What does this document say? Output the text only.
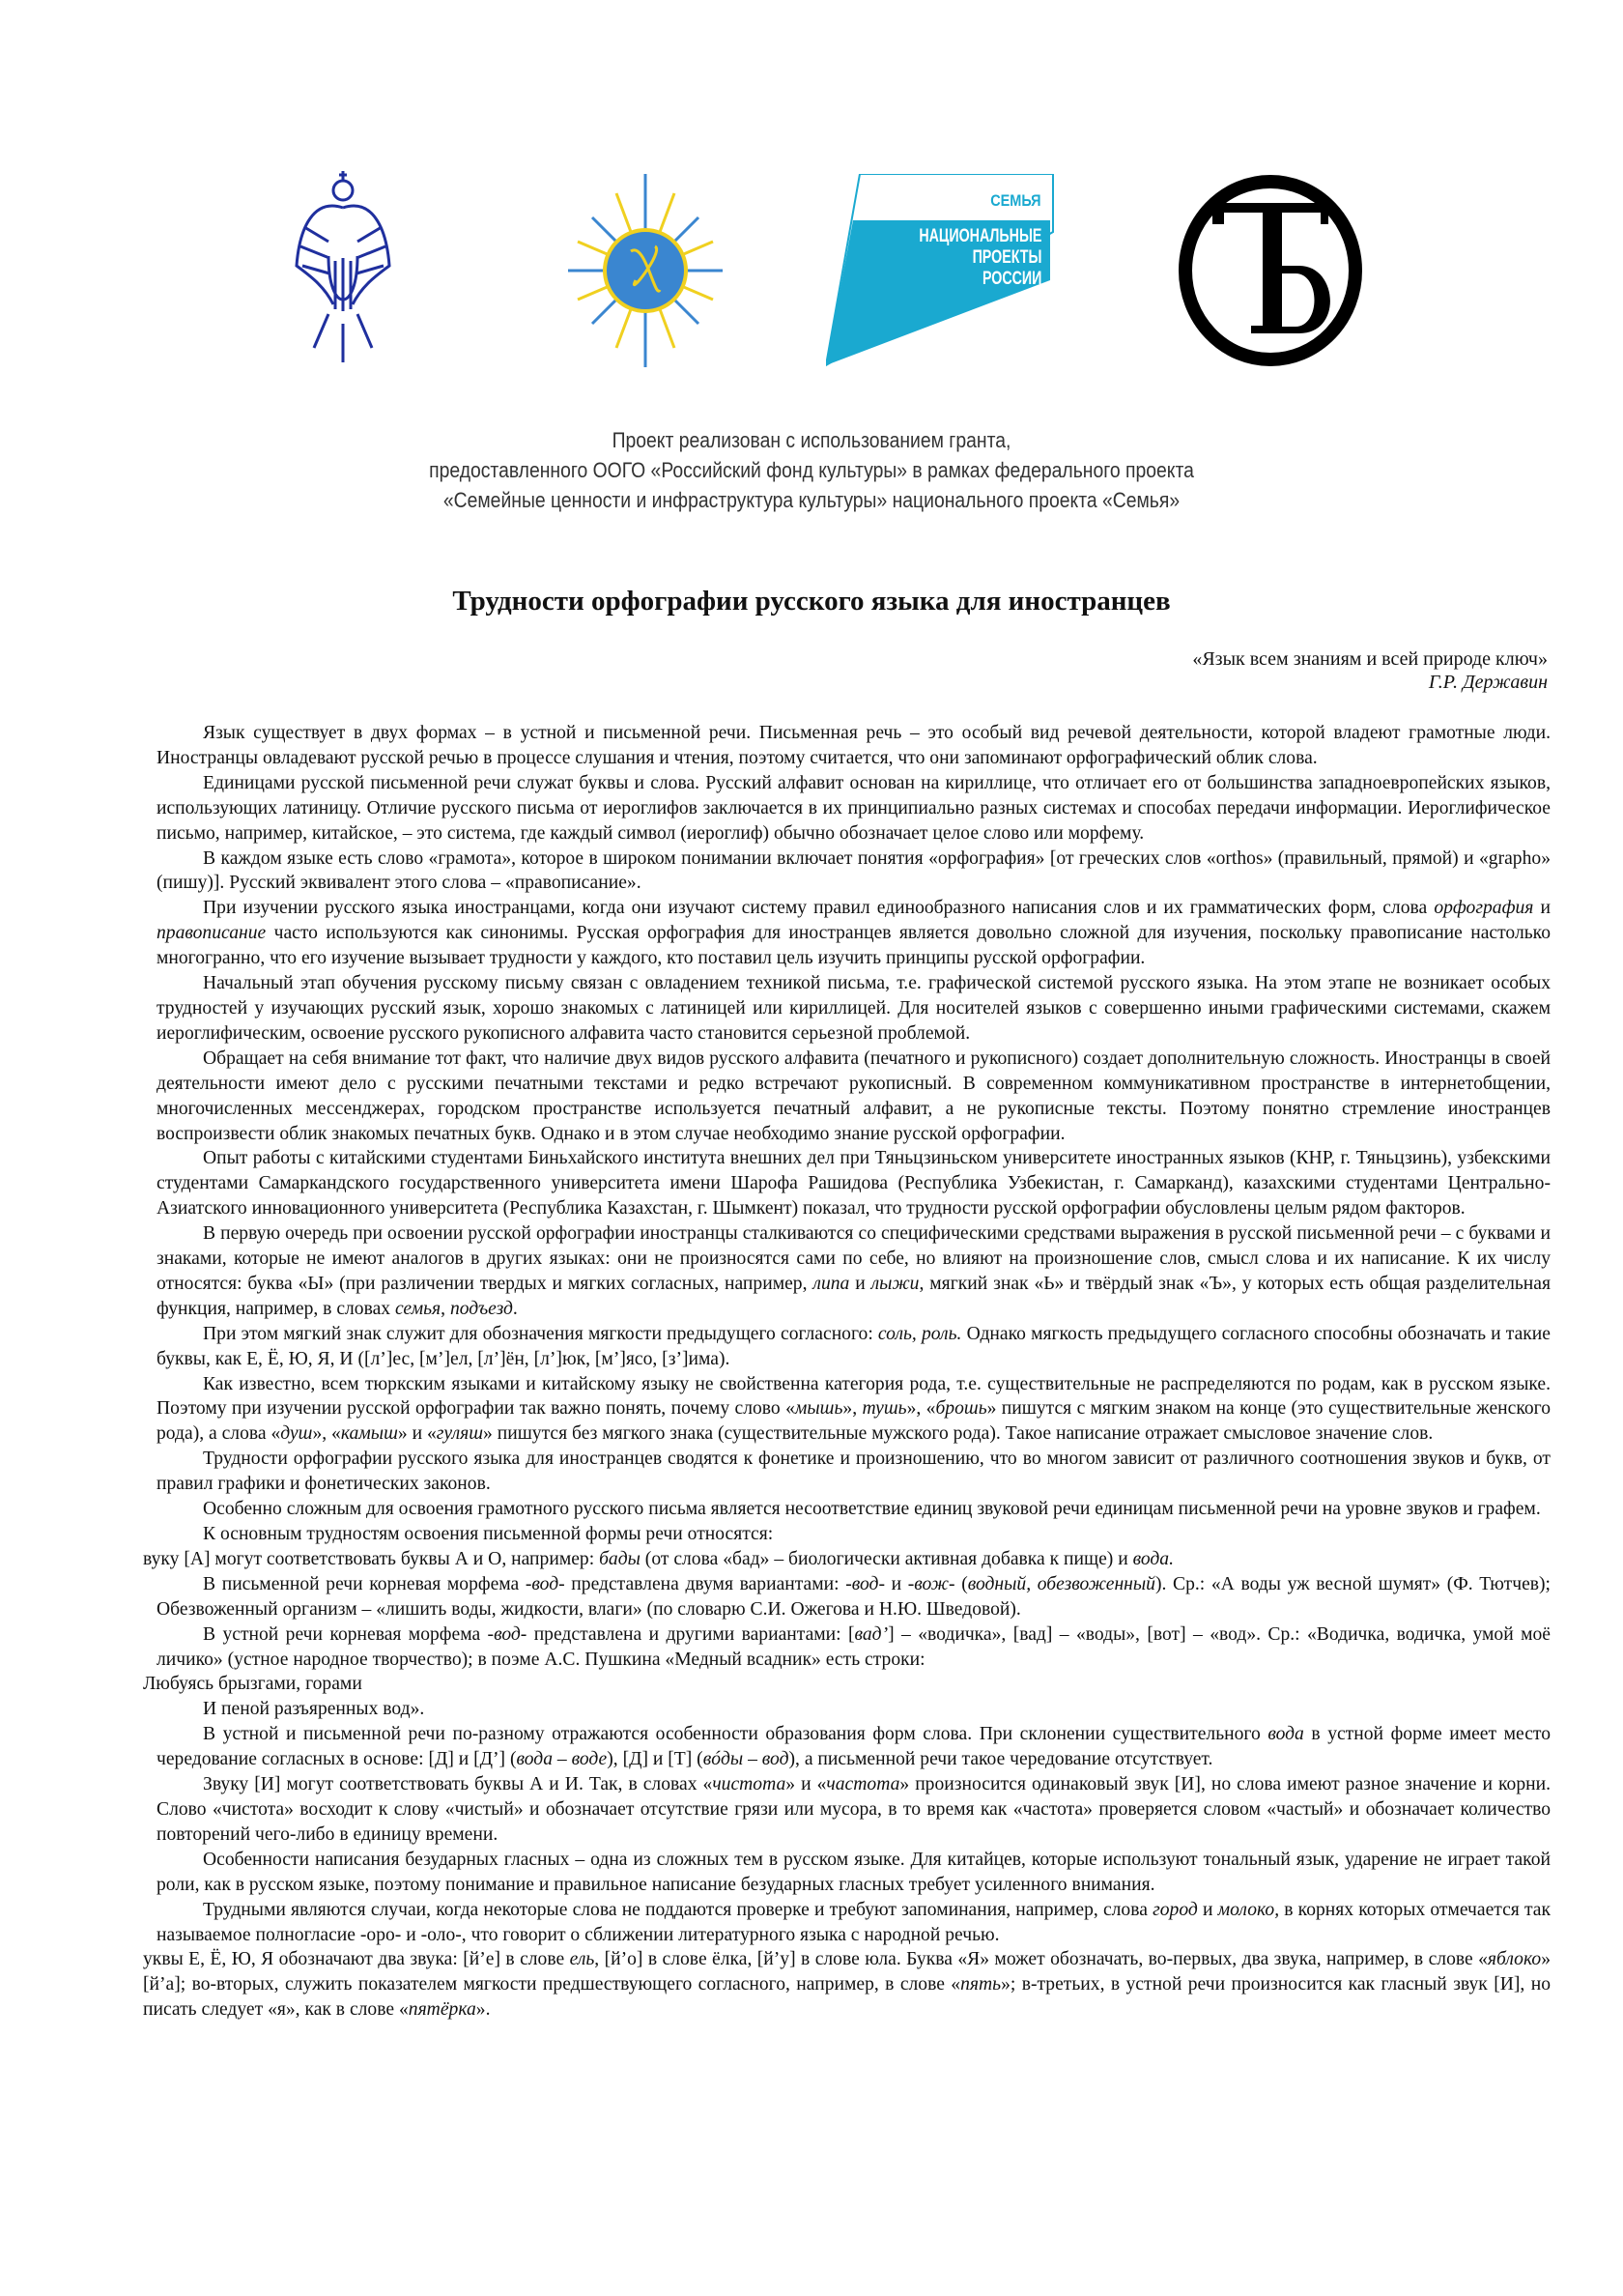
СЕМЬЯ
НАЦИОНАЛЬНЫЕ
ПРОЕКТЫ
РОССИИ
Проект реализован с использованием гранта,
предоставленного ООГО «Российский фонд культуры» в рамках федерального проекта
«Семейные ценности и инфраструктура культуры» национального проекта «Семья»
Трудности орфографии русского языка для иностранцев
«Язык всем знаниям и всей природе ключ»
Г.Р. Державин

Язык существует в двух формах – в устной и письменной речи. Письменная речь – это особый вид речевой деятельности, которой владеют грамотные люди. Иностранцы овладевают русской речью в процессе слушания и чтения, поэтому считается, что они запоминают орфографический облик слова.

Единицами русской письменной речи служат буквы и слова. Русский алфавит основан на кириллице, что отличает его от большинства западноевропейских языков, использующих латиницу. Отличие русского письма от иероглифов заключается в их принципиально разных системах и способах передачи информации. Иероглифическое письмо, например, китайское, – это система, где каждый символ (иероглиф) обычно обозначает целое слово или морфему.

В каждом языке есть слово «грамота», которое в широком понимании включает понятия «орфография» [от греческих слов «orthos» (правильный, прямой) и «grapho» (пишу)]. Русский эквивалент этого слова – «правописание».

При изучении русского языка иностранцами, когда они изучают систему правил единообразного написания слов и их грамматических форм, слова орфография и правописание часто используются как синонимы. Русская орфография для иностранцев является довольно сложной для изучения, поскольку правописание настолько многогранно, что его изучение вызывает трудности у каждого, кто поставил цель изучить принципы русской орфографии.

Начальный этап обучения русскому письму связан с овладением техникой письма, т.е. графической системой русского языка. На этом этапе не возникает особых трудностей у изучающих русский язык, хорошо знакомых с латиницей или кириллицей. Для носителей языков с совершенно иными графическими системами, скажем иероглифическим, освоение русского рукописного алфавита часто становится серьезной проблемой.

Обращает на себя внимание тот факт, что наличие двух видов русского алфавита (печатного и рукописного) создает дополнительную сложность. Иностранцы в своей деятельности имеют дело с русскими печатными текстами и редко встречают рукописный. В современном коммуникативном пространстве в интернетобщении, многочисленных мессенджерах, городском пространстве используется печатный алфавит, а не рукописные тексты. Поэтому понятно стремление иностранцев воспроизвести облик знакомых печатных букв. Однако и в этом случае необходимо знание русской орфографии.

Опыт работы с китайскими студентами Биньхайского института внешних дел при Тяньцзиньском университете иностранных языков (КНР, г. Тяньцзинь), узбекскими студентами Самаркандского государственного университета имени Шарофа Рашидова (Республика Узбекистан, г. Самарканд), казахскими студентами Центрально-Азиатского инновационного университета (Республика Казахстан, г. Шымкент) показал, что трудности русской орфографии обусловлены целым рядом факторов.

В первую очередь при освоении русской орфографии иностранцы сталкиваются со специфическими средствами выражения в русской письменной речи – с буквами и знаками, которые не имеют аналогов в других языках: они не произносятся сами по себе, но влияют на произношение слов, смысл слова и их написание. К их числу относятся: буква «Ы» (при различении твердых и мягких согласных, например, липа и лыжи, мягкий знак «Ь» и твёрдый знак «Ъ», у которых есть общая разделительная функция, например, в словах семья, подъезд.

При этом мягкий знак служит для обозначения мягкости предыдущего согласного: соль, роль. Однако мягкость предыдущего согласного способны обозначать и такие буквы, как Е, Ё, Ю, Я, И ([л’]ес, [м’]ел, [л’]ён, [л’]юк, [м’]ясо, [з’]има).

Как известно, всем тюркским языками и китайскому языку не свойственна категория рода, т.е. существительные не распределяются по родам, как в русском языке. Поэтому при изучении русской орфографии так важно понять, почему слово «мышь», тушь», «брошь» пишутся с мягким знаком на конце (это существительные женского рода), а слова «душ», «камыш» и «гуляш» пишутся без мягкого знака (существительные мужского рода). Такое написание отражает смысловое значение слов.

Трудности орфографии русского языка для иностранцев сводятся к фонетике и произношению, что во многом зависит от различного соотношения звуков и букв, от правил графики и фонетических законов.

Особенно сложным для освоения грамотного русского письма является несоответствие единиц звуковой речи единицам письменной речи на уровне звуков и графем.

К основным трудностям освоения письменной формы речи относятся:

вуку [А] могут соответствовать буквы А и О, например: бады (от слова «бад» – биологически активная добавка к пище) и вода.

В письменной речи корневая морфема -вод- представлена двумя вариантами: -вод- и -вож- (водный, обезвоженный). Ср.: «А воды уж весной шумят» (Ф. Тютчев); Обезвоженный организм – «лишить воды, жидкости, влаги» (по словарю С.И. Ожегова и Н.Ю. Шведовой).

В устной речи корневая морфема -вод- представлена и другими вариантами: [вад’] – «водичка», [вад] – «воды», [вот] – «вод». Ср.: «Водичка, водичка, умой моё личико» (устное народное творчество); в поэме А.С. Пушкина «Медный всадник» есть строки:

Любуясь брызгами, горами

И пеной разъяренных вод».

В устной и письменной речи по-разному отражаются особенности образования форм слова. При склонении существительного вода в устной форме имеет место чередование согласных в основе: [Д] и [Д’] (вода – воде), [Д] и [Т] (вóды – вод), а письменной речи такое чередование отсутствует.

Звуку [И] могут соответствовать буквы А и И. Так, в словах «чистота» и «частота» произносится одинаковый звук [И], но слова имеют разное значение и корни. Слово «чистота» восходит к слову «чистый» и обозначает отсутствие грязи или мусора, в то время как «частота» проверяется словом «частый» и обозначает количество повторений чего-либо в единицу времени.

Особенности написания безударных гласных – одна из сложных тем в русском языке. Для китайцев, которые используют тональный язык, ударение не играет такой роли, как в русском языке, поэтому понимание и правильное написание безударных гласных требует усиленного внимания.

Трудными являются случаи, когда некоторые слова не поддаются проверке и требуют запоминания, например, слова город и молоко, в корнях которых отмечается так называемое полногласие -оро- и -оло-, что говорит о сближении литературного языка с народной речью.

уквы Е, Ё, Ю, Я обозначают два звука: [й’е] в слове ель, [й’о] в слове ёлка, [й’у] в слове юла. Буква «Я» может обозначать, во-первых, два звука, например, в слове «яблоко» [й’а]; во-вторых, служить показателем мягкости предшествующего согласного, например, в слове «пять»; в-третьих, в устной речи произносится как гласный звук [И], но писать следует «я», как в слове «пятёрка».
